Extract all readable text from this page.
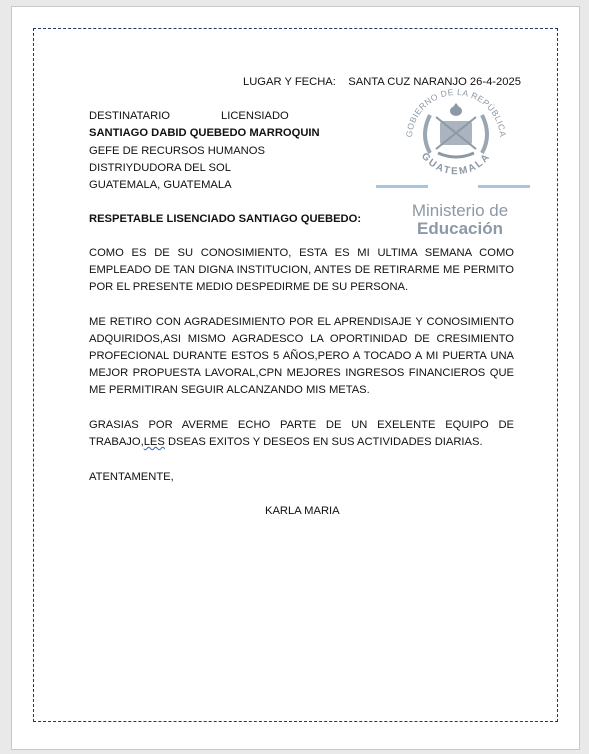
GOBIERNO DE LA REPÚBLICA
GUATEMALA
Ministerio de
Educación
LUGAR Y FECHA: SANTA CUZ NARANJO 26-4-2025
DESTINATARIO	LICENSIADO
SANTIAGO DABID QUEBEDO MARROQUIN
GEFE DE RECURSOS HUMANOS
DISTRIYDUDORA DEL SOL
GUATEMALA, GUATEMALA
RESPETABLE LISENCIADO SANTIAGO QUEBEDO:
COMO ES DE SU CONOSIMIENTO, ESTA ES MI ULTIMA SEMANA COMO EMPLEADO DE TAN DIGNA INSTITUCION, ANTES DE RETIRARME ME PERMITO POR EL PRESENTE MEDIO DESPEDIRME DE SU PERSONA.
ME RETIRO CON AGRADESIMIENTO POR EL APRENDISAJE Y CONOSIMIENTO ADQUIRIDOS,ASI MISMO AGRADESCO LA OPORTINIDAD DE CRESIMIENTO PROFECIONAL DURANTE ESTOS 5 AÑOS,PERO A TOCADO A MI PUERTA UNA MEJOR PROPUESTA LAVORAL,CPN MEJORES INGRESOS FINANCIEROS QUE ME PERMITIRAN SEGUIR ALCANZANDO MIS METAS.
GRASIAS POR AVERME ECHO PARTE DE UN EXELENTE EQUIPO DE TRABAJO,LES DSEAS EXITOS Y DESEOS EN SUS ACTIVIDADES DIARIAS.
ATENTAMENTE,
KARLA MARIA
